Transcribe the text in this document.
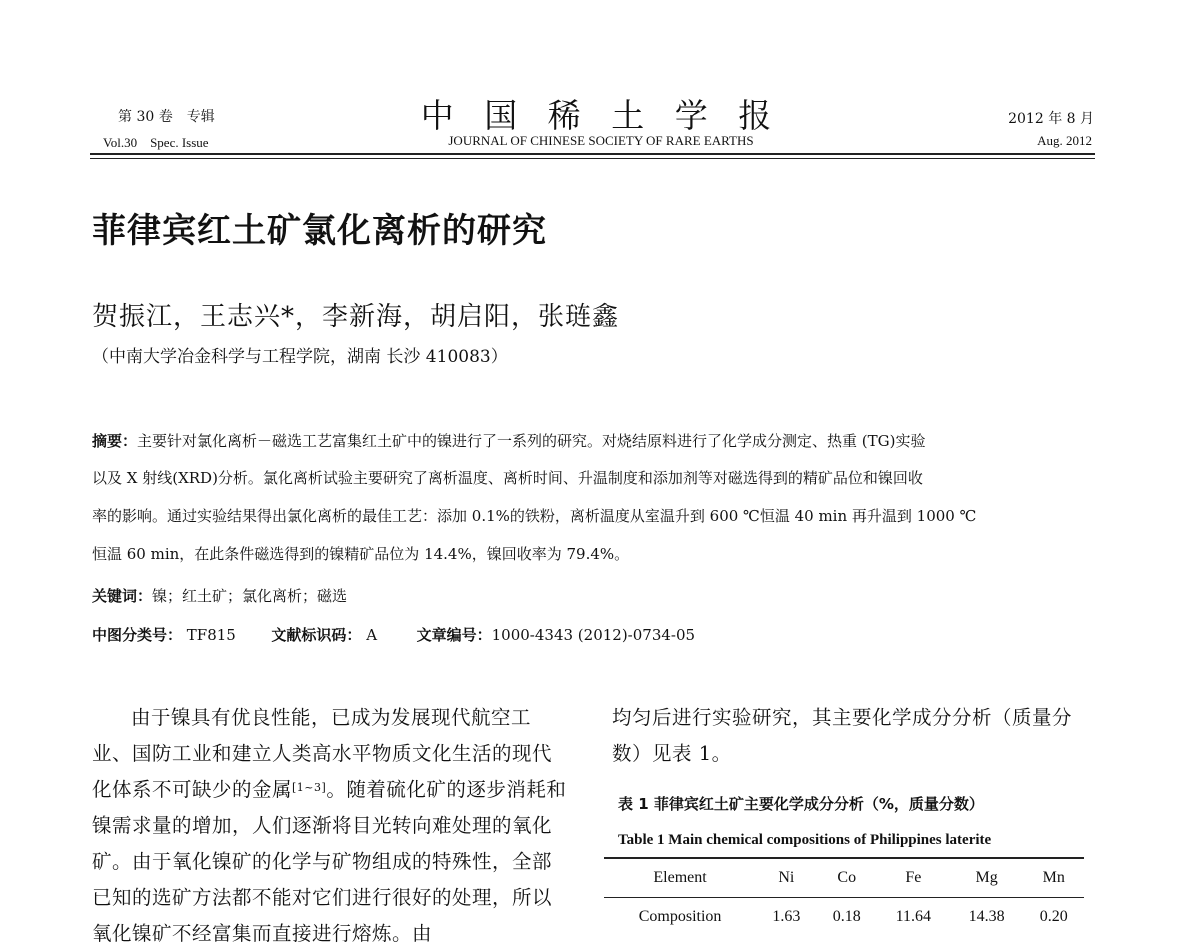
第 30 卷　专辑
Vol.30　Spec. Issue
中 国 稀 土 学 报
JOURNAL OF CHINESE SOCIETY OF RARE EARTHS
2012 年 8 月
Aug. 2012
菲律宾红土矿氯化离析的研究
贺振江，王志兴*，李新海，胡启阳，张琏鑫
（中南大学冶金科学与工程学院，湖南 长沙 410083）
摘要：主要针对氯化离析－磁选工艺富集红土矿中的镍进行了一系列的研究。对烧结原料进行了化学成分测定、热重 (TG)实验
以及 X 射线(XRD)分析。氯化离析试验主要研究了离析温度、离析时间、升温制度和添加剂等对磁选得到的精矿品位和镍回收
率的影响。通过实验结果得出氯化离析的最佳工艺：添加 0.1%的铁粉，离析温度从室温升到 600 ℃恒温 40 min 再升温到 1000 ℃
恒温 60 min，在此条件磁选得到的镍精矿品位为 14.4%，镍回收率为 79.4%。
关键词：镍；红土矿；氯化离析；磁选
中图分类号： TF815 文献标识码： A	文章编号：1000-4343 (2012)-0734-05

由于镍具有优良性能，已成为发展现代航空工业、国防工业和建立人类高水平物质文化生活的现代化体系不可缺少的金属[1~3]。随着硫化矿的逐步消耗和镍需求量的增加，人们逐渐将目光转向难处理的氧化矿。由于氧化镍矿的化学与矿物组成的特殊性，全部已知的选矿方法都不能对它们进行很好的处理，所以氧化镍矿不经富集而直接进行熔炼。由

均匀后进行实验研究，其主要化学成分分析（质量分数）见表 1。

表 1 菲律宾红土矿主要化学成分分析（%，质量分数）
Table 1 Main chemical compositions of Philippines laterite
Element	Ni	Co	Fe	Mg	Mn
Composition	1.63	0.18	11.64	14.38	0.20
